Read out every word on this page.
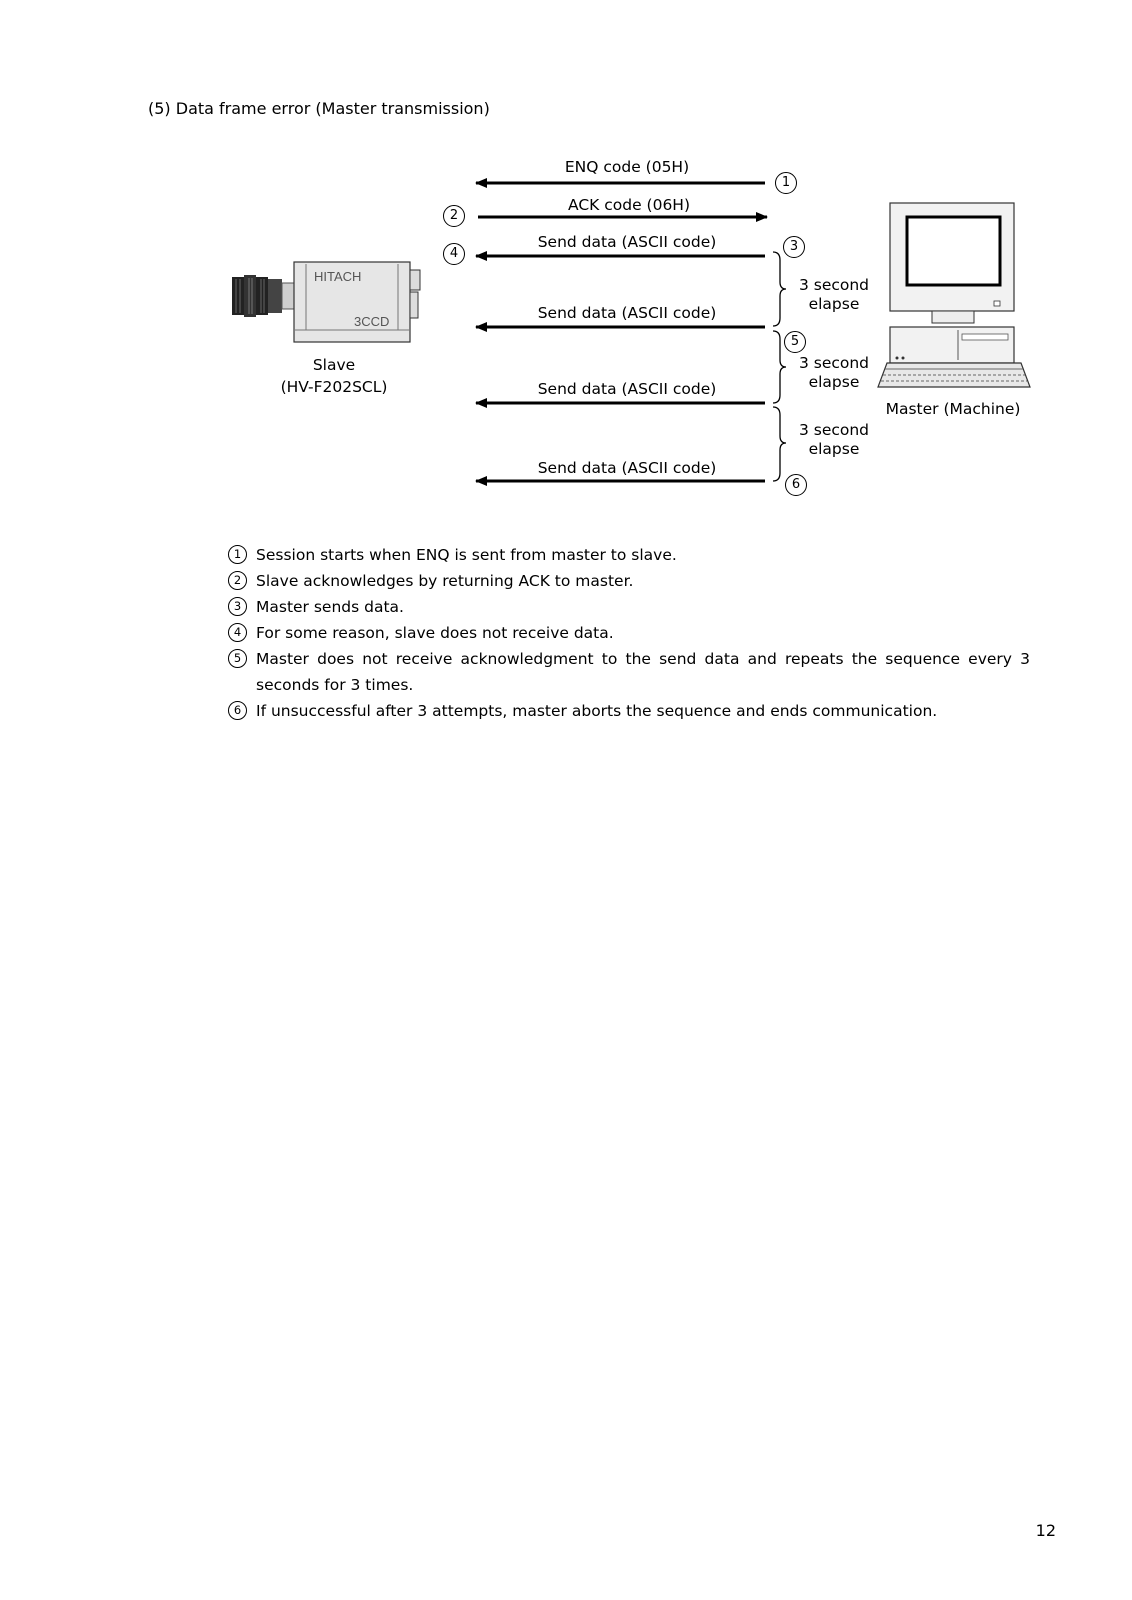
(5) Data frame error (Master transmission)
ENQ code (05H)
ACK code (06H)
Send data (ASCII code)
Send data (ASCII code)
Send data (ASCII code)
Send data (ASCII code)
1
2
3
4
5
6
3 second
elapse
3 second
elapse
3 second
elapse
HITACH
3CCD
Slave
(HV-F202SCL)
Master (Machine)
1 Session starts when ENQ is sent from master to slave.
2 Slave acknowledges by returning ACK to master.
3 Master sends data.
4 For some reason, slave does not receive data.
5 Master does not receive acknowledgment to the send data and repeats the sequence every 3 seconds for 3 times.
6 If unsuccessful after 3 attempts, master aborts the sequence and ends communication.
12
